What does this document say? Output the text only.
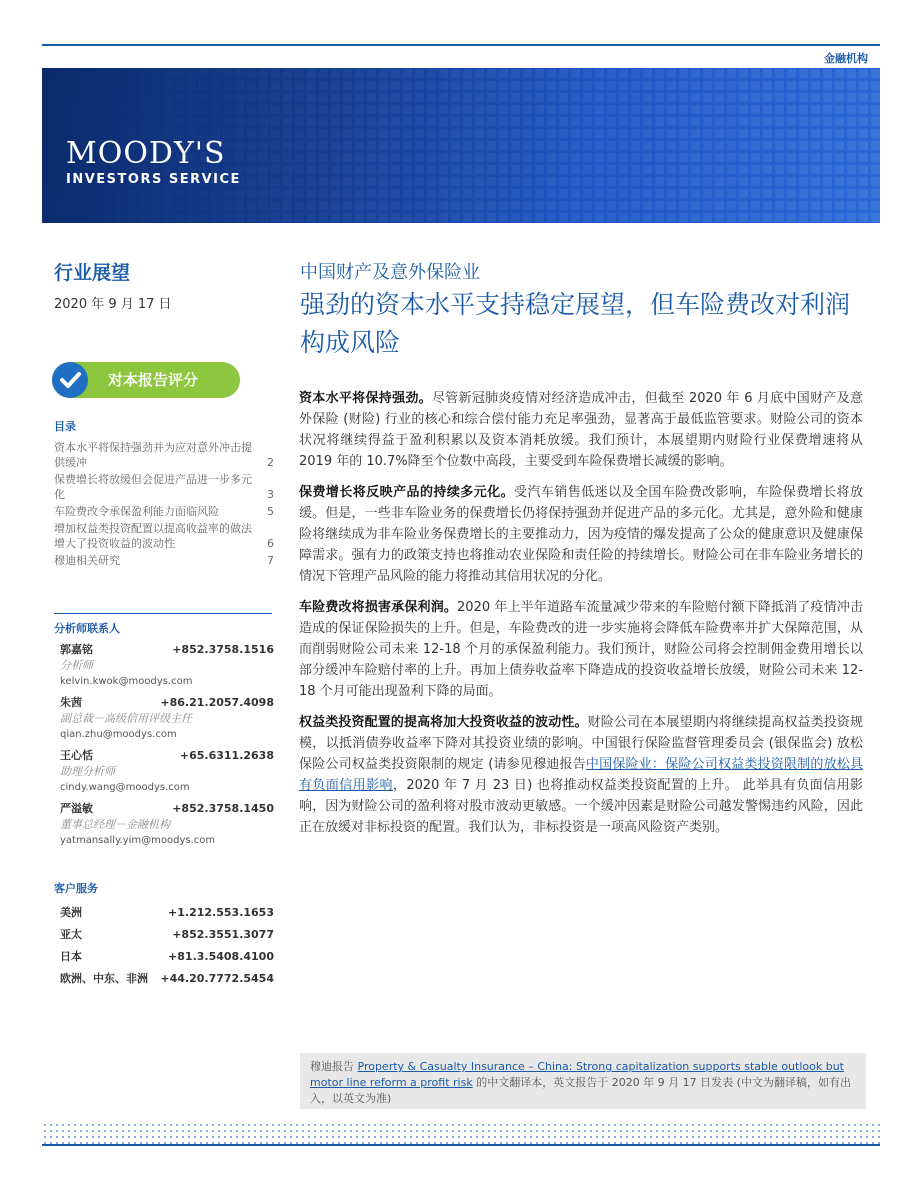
金融机构
MOODY'S
INVESTORS SERVICE
行业展望
2020 年 9 月 17 日
中国财产及意外保险业
强劲的资本水平支持稳定展望，但车险费改对利润构成风险
对本报告评分
目录
资本水平将保持强劲并为应对意外冲击提供缓冲	2
保费增长将放缓但会促进产品进一步多元化	3
车险费改令承保盈利能力面临风险	5
增加权益类投资配置以提高收益率的做法增大了投资收益的波动性	6
穆迪相关研究	7
分析师联系人
郭嘉铭	+852.3758.1516
分析师
kelvin.kwok@moodys.com
朱茜	+86.21.2057.4098
副总裁－高级信用评级主任
qian.zhu@moodys.com
王心恬	+65.6311.2638
助理分析师
cindy.wang@moodys.com
严溢敏	+852.3758.1450
董事总经理－金融机构
yatmansally.yim@moodys.com
客户服务
美洲	+1.212.553.1653
亚太	+852.3551.3077
日本	+81.3.5408.4100
欧洲、中东、非洲 +44.20.7772.5454

资本水平将保持强劲。尽管新冠肺炎疫情对经济造成冲击，但截至 2020 年 6 月底中国财产及意外保险 (财险) 行业的核心和综合偿付能力充足率强劲，显著高于最低监管要求。财险公司的资本状况将继续得益于盈利积累以及资本消耗放缓。我们预计，本展望期内财险行业保费增速将从 2019 年的 10.7%降至个位数中高段，主要受到车险保费增长减缓的影响。

保费增长将反映产品的持续多元化。受汽车销售低迷以及全国车险费改影响，车险保费增长将放缓。但是，一些非车险业务的保费增长仍将保持强劲并促进产品的多元化。尤其是，意外险和健康险将继续成为非车险业务保费增长的主要推动力，因为疫情的爆发提高了公众的健康意识及健康保障需求。强有力的政策支持也将推动农业保险和责任险的持续增长。财险公司在非车险业务增长的情况下管理产品风险的能力将推动其信用状况的分化。

车险费改将损害承保利润。2020 年上半年道路车流量减少带来的车险赔付额下降抵消了疫情冲击造成的保证保险损失的上升。但是，车险费改的进一步实施将会降低车险费率并扩大保障范围，从而削弱财险公司未来 12-18 个月的承保盈利能力。我们预计，财险公司将会控制佣金费用增长以部分缓冲车险赔付率的上升。再加上债券收益率下降造成的投资收益增长放缓，财险公司未来 12-18 个月可能出现盈利下降的局面。

权益类投资配置的提高将加大投资收益的波动性。财险公司在本展望期内将继续提高权益类投资规模，以抵消债券收益率下降对其投资业绩的影响。中国银行保险监督管理委员会 (银保监会) 放松保险公司权益类投资限制的规定 (请参见穆迪报告中国保险业：保险公司权益类投资限制的放松具有负面信用影响，2020 年 7 月 23 日) 也将推动权益类投资配置的上升。 此举具有负面信用影响，因为财险公司的盈利将对股市波动更敏感。一个缓冲因素是财险公司越发警惕违约风险，因此正在放缓对非标投资的配置。我们认为，非标投资是一项高风险资产类别。

穆迪报告 Property & Casualty Insurance – China: Strong capitalization supports stable outlook but motor line reform a profit risk 的中文翻译本，英文报告于 2020 年 9 月 17 日发表 (中文为翻译稿，如有出入，以英文为准)
